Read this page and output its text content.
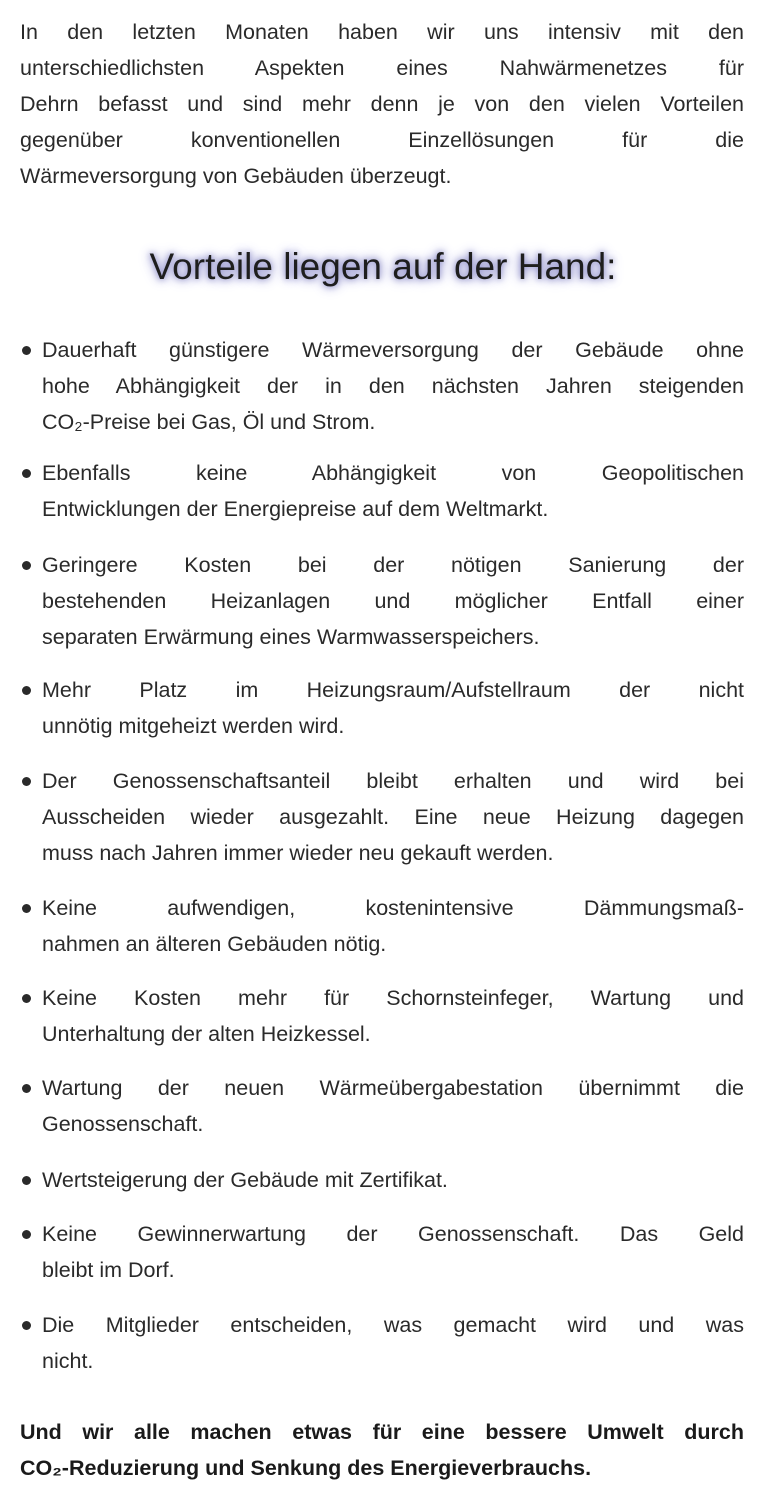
In den letzten Monaten haben wir uns intensiv mit den
unterschiedlichsten Aspekten eines Nahwärmenetzes für
Dehrn befasst und sind mehr denn je von den vielen Vorteilen
gegenüber konventionellen Einzellösungen für die
Wärmeversorgung von Gebäuden überzeugt.
Vorteile liegen auf der Hand:
Dauerhaft günstigere Wärmeversorgung der Gebäude ohne
hohe Abhängigkeit der in den nächsten Jahren steigenden
CO₂-Preise bei Gas, Öl und Strom.
Ebenfalls keine Abhängigkeit von Geopolitischen
Entwicklungen der Energiepreise auf dem Weltmarkt.
Geringere Kosten bei der nötigen Sanierung der
bestehenden Heizanlagen und möglicher Entfall einer
separaten Erwärmung eines Warmwasserspeichers.
Mehr Platz im Heizungsraum/Aufstellraum der nicht
unnötig mitgeheizt werden wird.
Der Genossenschaftsanteil bleibt erhalten und wird bei
Ausscheiden wieder ausgezahlt. Eine neue Heizung dagegen
muss nach Jahren immer wieder neu gekauft werden.
Keine aufwendigen, kostenintensive Dämmungsmaß-
nahmen an älteren Gebäuden nötig.
Keine Kosten mehr für Schornsteinfeger, Wartung und
Unterhaltung der alten Heizkessel.
Wartung der neuen Wärmeübergabestation übernimmt die
Genossenschaft.
Wertsteigerung der Gebäude mit Zertifikat.
Keine Gewinnerwartung der Genossenschaft. Das Geld
bleibt im Dorf.
Die Mitglieder entscheiden, was gemacht wird und was
nicht.
Und wir alle machen etwas für eine bessere Umwelt durch
CO₂-Reduzierung und Senkung des Energieverbrauchs.
